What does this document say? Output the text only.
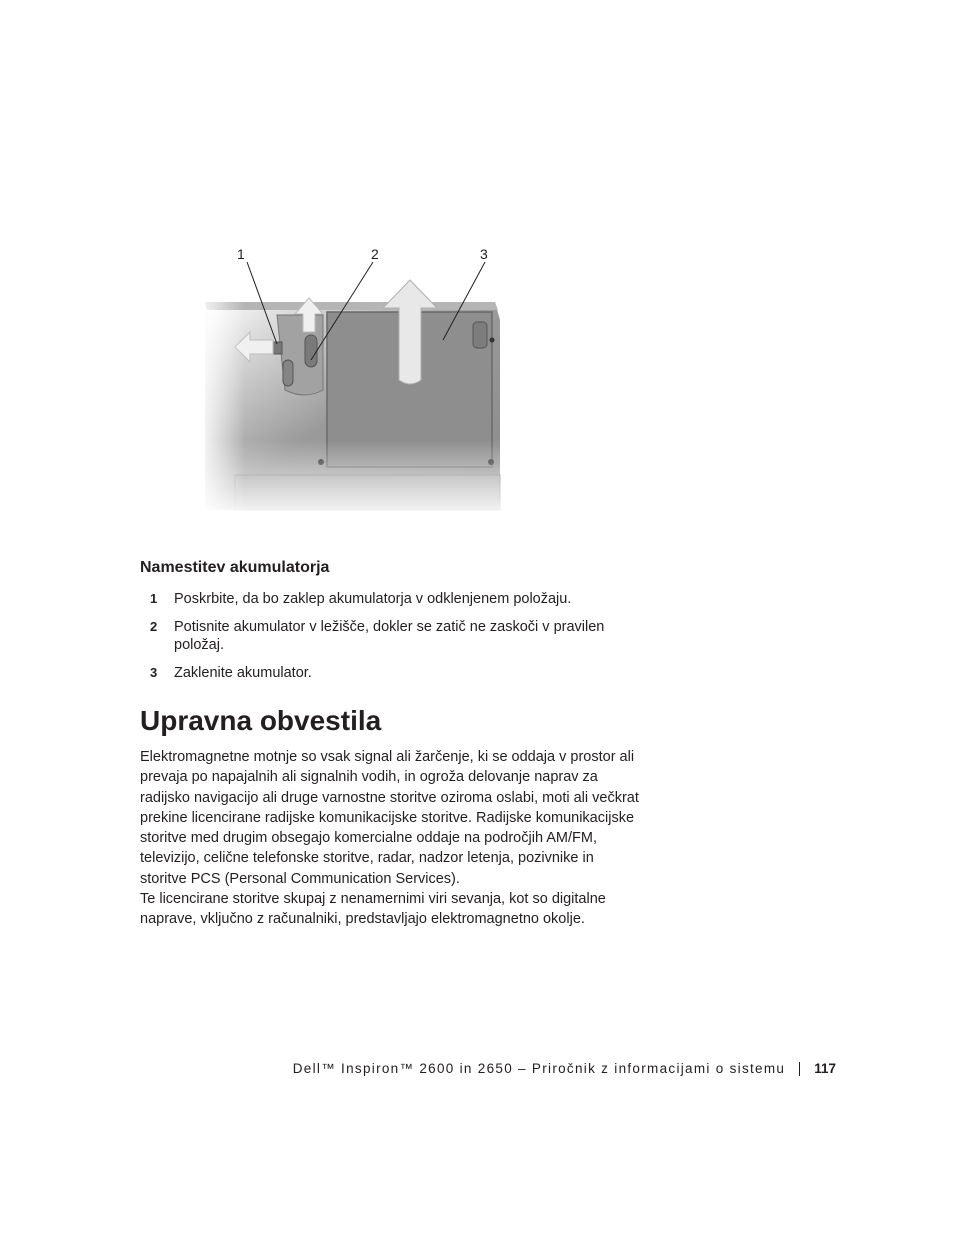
1	2	3
Namestitev akumulatorja
1 Poskrbite, da bo zaklep akumulatorja v odklenjenem položaju.
2 Potisnite akumulator v ležišče, dokler se zatič ne zaskoči v pravilen položaj.
3 Zaklenite akumulator.
Upravna obvestila

Elektromagnetne motnje so vsak signal ali žarčenje, ki se oddaja v prostor ali prevaja po napajalnih ali signalnih vodih, in ogroža delovanje naprav za radijsko navigacijo ali druge varnostne storitve oziroma oslabi, moti ali večkrat prekine licencirane radijske komunikacijske storitve. Radijske komunikacijske storitve med drugim obsegajo komercialne oddaje na področjih AM/FM, televizijo, celične telefonske storitve, radar, nadzor letenja, pozivnike in storitve PCS (Personal Communication Services).

Te licencirane storitve skupaj z nenamernimi viri sevanja, kot so digitalne naprave, vključno z računalniki, predstavljajo elektromagnetno okolje.

Dell™ Inspiron™ 2600 in 2650 – Priročnik z informacijami o sistemu 117
